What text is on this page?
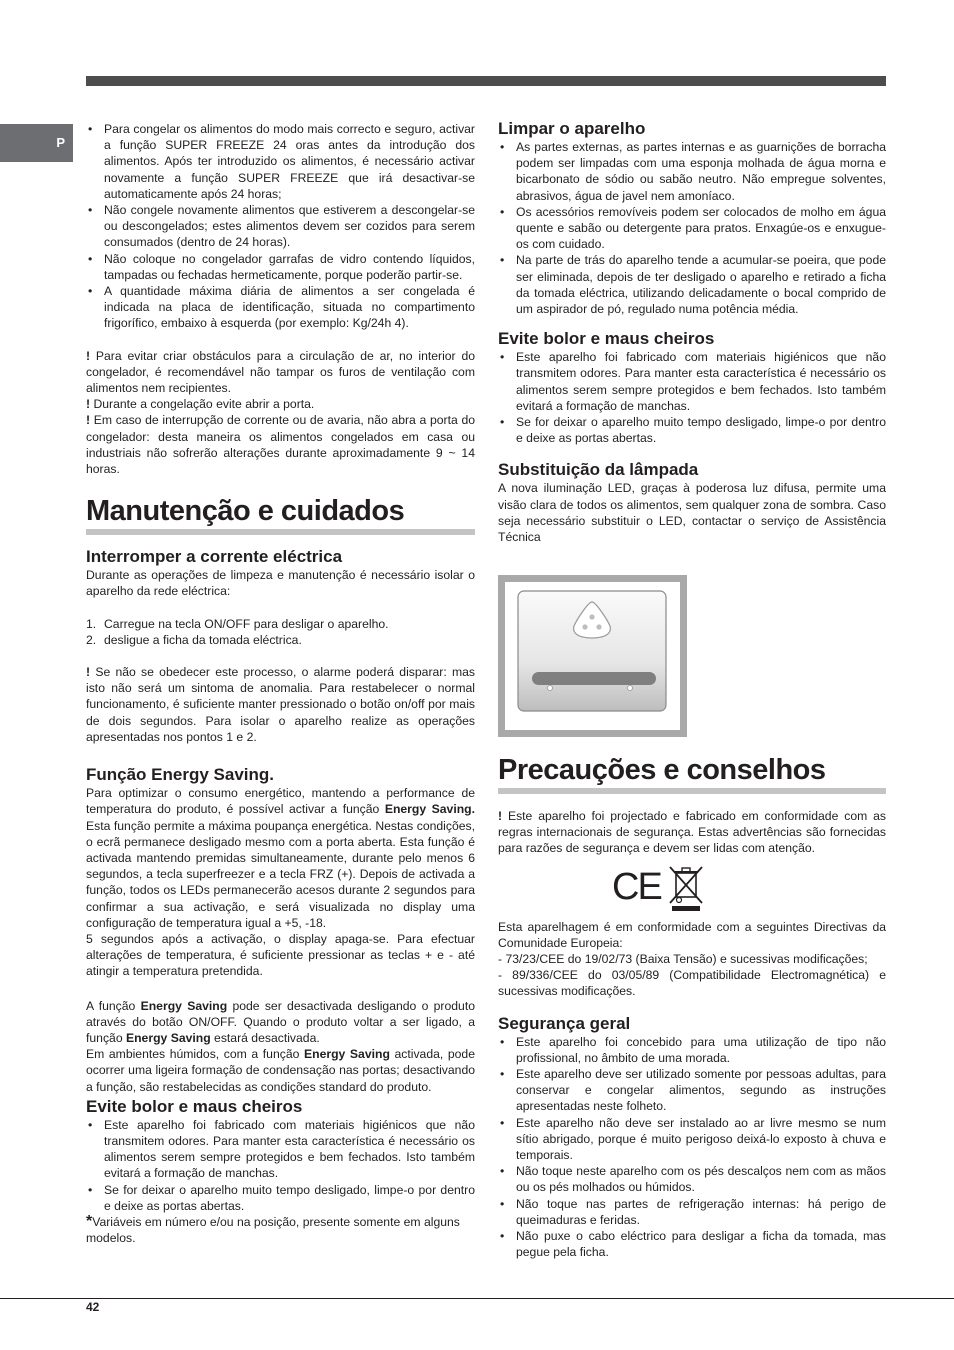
P
• Para congelar os alimentos do modo mais correcto e seguro, activar a função SUPER FREEZE 24 oras antes da introdução dos alimentos. Após ter introduzido os alimentos, é necessário activar novamente a função SUPER FREEZE que irá desactivar-se automaticamente após 24 horas;
• Não congele novamente alimentos que estiverem a descongelar-se ou descongelados; estes alimentos devem ser cozidos para serem consumados (dentro de 24 horas).
• Não coloque no congelador garrafas de vidro contendo líquidos, tampadas ou fechadas hermeticamente, porque poderão partir-se.
• A quantidade máxima diária de alimentos a ser congelada é indicada na placa de identificação, situada no compartimento frigorífico, embaixo à esquerda (por exemplo: Kg/24h 4).

! Para evitar criar obstáculos para a circulação de ar, no interior do congelador, é recomendável não tampar os furos de ventilação com alimentos nem recipientes.

! Durante a congelação evite abrir a porta.

! Em caso de interrupção de corrente ou de avaria, não abra a porta do congelador: desta maneira os alimentos congelados em casa ou industriais não sofrerão alterações durante aproximadamente 9 ~ 14 horas.

Manutenção e cuidados
Interromper a corrente eléctrica

Durante as operações de limpeza e manutenção é necessário isolar o aparelho da rede eléctrica:

1. Carregue na tecla ON/OFF para desligar o aparelho.
2. desligue a ficha da tomada eléctrica.

! Se não se obedecer este processo, o alarme poderá disparar: mas isto não será um sintoma de anomalia. Para restabelecer o normal funcionamento, é suficiente manter pressionado o botão on/off por mais de dois segundos. Para isolar o aparelho realize as operações apresentadas nos pontos 1 e 2.

Função Energy Saving.

Para optimizar o consumo energético, mantendo a performance de temperatura do produto, é possível activar a função Energy Saving. Esta função permite a máxima poupança energética. Nestas condições, o ecrã permanece desligado mesmo com a porta aberta. Esta função é activada mantendo premidas simultaneamente, durante pelo menos 6 segundos, a tecla superfreezer e a tecla FRZ (+). Depois de activada a função, todos os LEDs permanecerão acesos durante 2 segundos para confirmar a sua activação, e será visualizada no display uma configuração de temperatura igual a +5, -18.

5 segundos após a activação, o display apaga-se. Para efectuar alterações de temperatura, é suficiente pressionar as teclas + e - até atingir a temperatura pretendida.

A função Energy Saving pode ser desactivada desligando o produto através do botão ON/OFF. Quando o produto voltar a ser ligado, a função Energy Saving estará desactivada.

Em ambientes húmidos, com a função Energy Saving activada, pode ocorrer uma ligeira formação de condensação nas portas; desactivando a função, são restabelecidas as condições standard do produto.

Evite bolor e maus cheiros
• Este aparelho foi fabricado com materiais higiénicos que não transmitem odores. Para manter esta característica é necessário os alimentos serem sempre protegidos e bem fechados. Isto também evitará a formação de manchas.
• Se for deixar o aparelho muito tempo desligado, limpe-o por dentro e deixe as portas abertas.

*Variáveis em número e/ou na posição, presente somente em alguns modelos.

Limpar o aparelho
• As partes externas, as partes internas e as guarnições de borracha podem ser limpadas com uma esponja molhada de água morna e bicarbonato de sódio ou sabão neutro. Não empregue solventes, abrasivos, água de javel nem amoníaco.
• Os acessórios removíveis podem ser colocados de molho em água quente e sabão ou detergente para pratos. Enxagúe-os e enxugue-os com cuidado.
• Na parte de trás do aparelho tende a acumular-se poeira, que pode ser eliminada, depois de ter desligado o aparelho e retirado a ficha da tomada eléctrica, utilizando delicadamente o bocal comprido de um aspirador de pó, regulado numa potência média.
Evite bolor e maus cheiros
• Este aparelho foi fabricado com materiais higiénicos que não transmitem odores. Para manter esta característica é necessário os alimentos serem sempre protegidos e bem fechados. Isto também evitará a formação de manchas.
• Se for deixar o aparelho muito tempo desligado, limpe-o por dentro e deixe as portas abertas.
Substituição da lâmpada

A nova iluminação LED, graças à poderosa luz difusa, permite uma visão clara de todos os alimentos, sem qualquer zona de sombra. Caso seja necessário substituir o LED, contactar o serviço de Assistência Técnica

Precauções e conselhos

! Este aparelho foi projectado e fabricado em conformidade com as regras internacionais de segurança. Estas advertências são fornecidas para razões de segurança e devem ser lidas com atenção.

CE

Esta aparelhagem é em conformidade com a seguintes Directivas da Comunidade Europeia:

- 73/23/CEE do 19/02/73 (Baixa Tensão) e sucessivas modificações;

- 89/336/CEE do 03/05/89 (Compatibilidade Electromagnética) e sucessivas modificações.

Segurança geral
• Este aparelho foi concebido para uma utilização de tipo não profissional, no âmbito de uma morada.
• Este aparelho deve ser utilizado somente por pessoas adultas, para conservar e congelar alimentos, segundo as instruções apresentadas neste folheto.
• Este aparelho não deve ser instalado ao ar livre mesmo se num sítio abrigado, porque é muito perigoso deixá-lo exposto à chuva e temporais.
• Não toque neste aparelho com os pés descalços nem com as mãos ou os pés molhados ou húmidos.
• Não toque nas partes de refrigeração internas: há perigo de queimaduras e feridas.
• Não puxe o cabo eléctrico para desligar a ficha da tomada, mas pegue pela ficha.
42
